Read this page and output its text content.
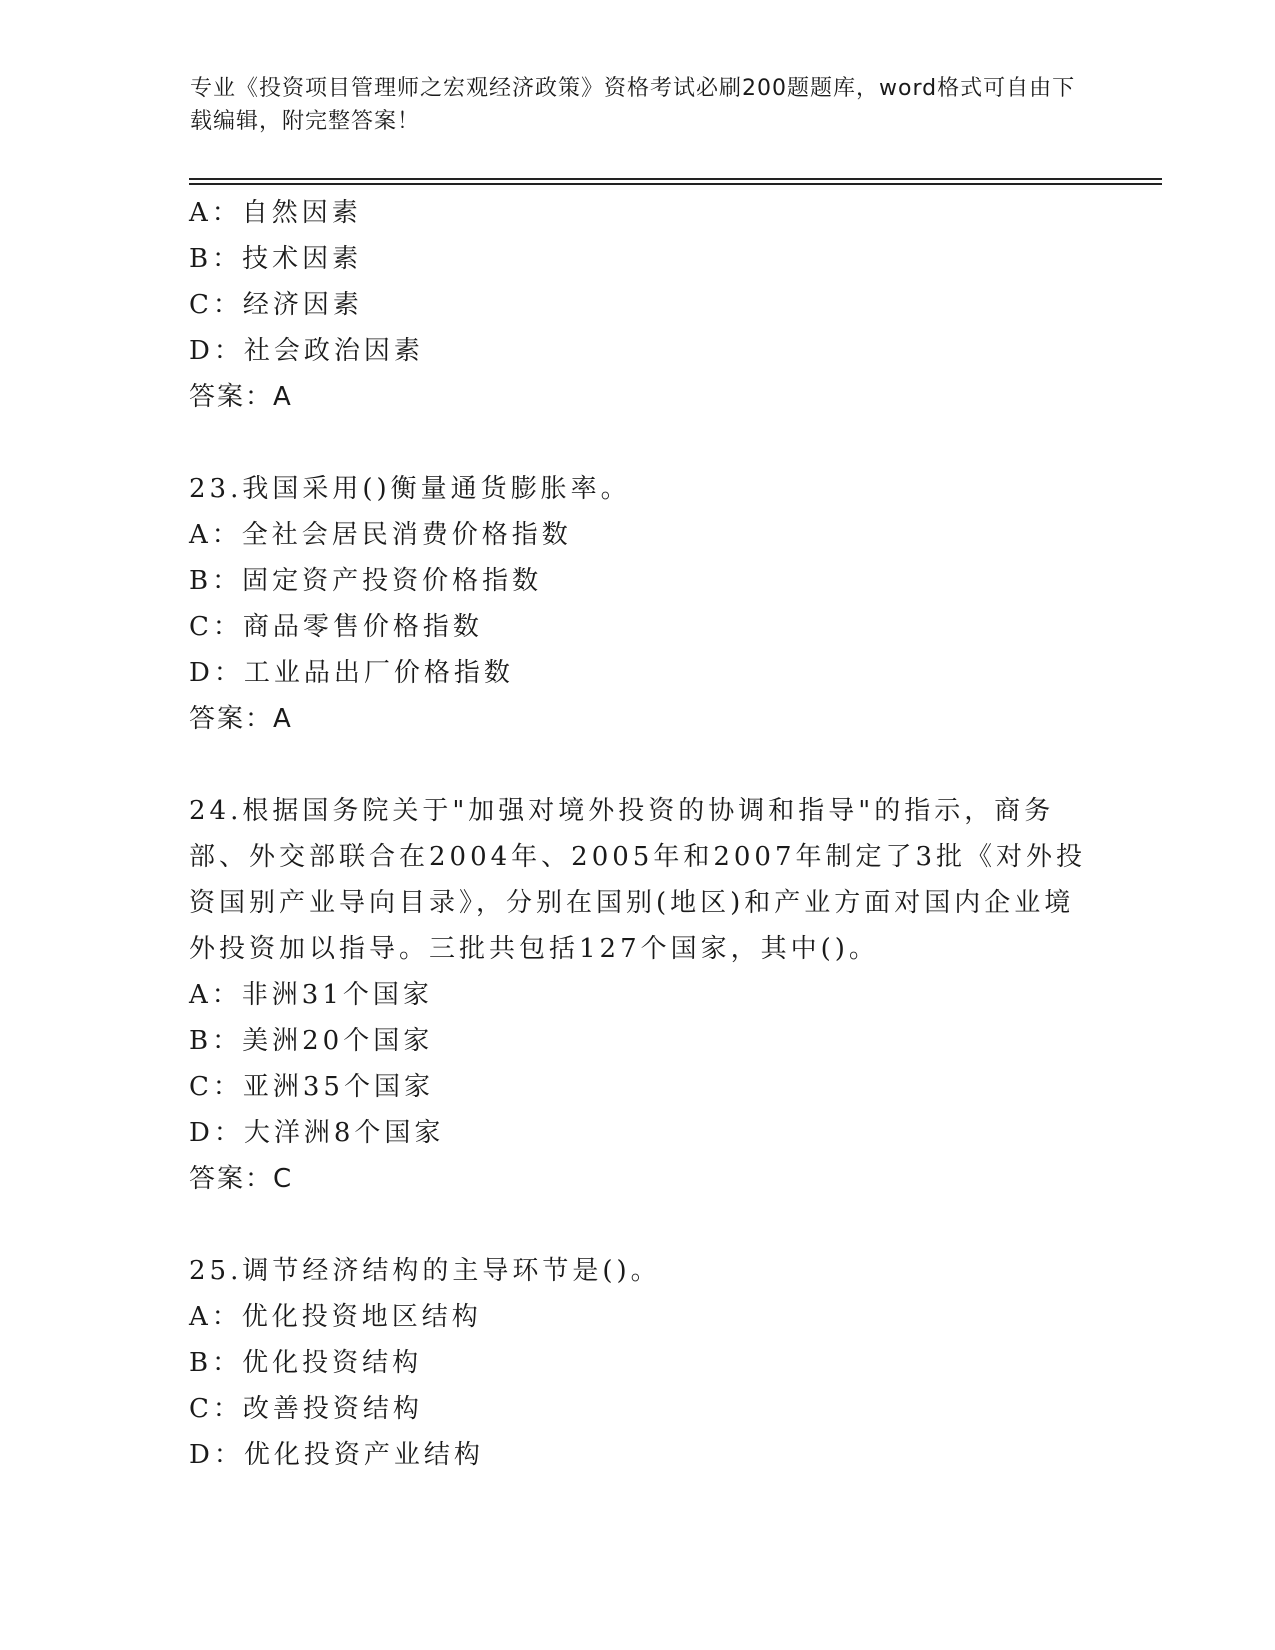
专业《投资项目管理师之宏观经济政策》资格考试必刷200题题库，word格式可自由下载编辑，附完整答案！
A：自然因素
B：技术因素
C：经济因素
D：社会政治因素
答案：A
23.我国采用()衡量通货膨胀率。
A：全社会居民消费价格指数
B：固定资产投资价格指数
C：商品零售价格指数
D：工业品出厂价格指数
答案：A
24.根据国务院关于"加强对境外投资的协调和指导"的指示，商务部、外交部联合在2004年、2005年和2007年制定了3批《对外投资国别产业导向目录》，分别在国别(地区)和产业方面对国内企业境外投资加以指导。三批共包括127个国家，其中()。
A：非洲31个国家
B：美洲20个国家
C：亚洲35个国家
D：大洋洲8个国家
答案：C
25.调节经济结构的主导环节是()。
A：优化投资地区结构
B：优化投资结构
C：改善投资结构
D：优化投资产业结构
